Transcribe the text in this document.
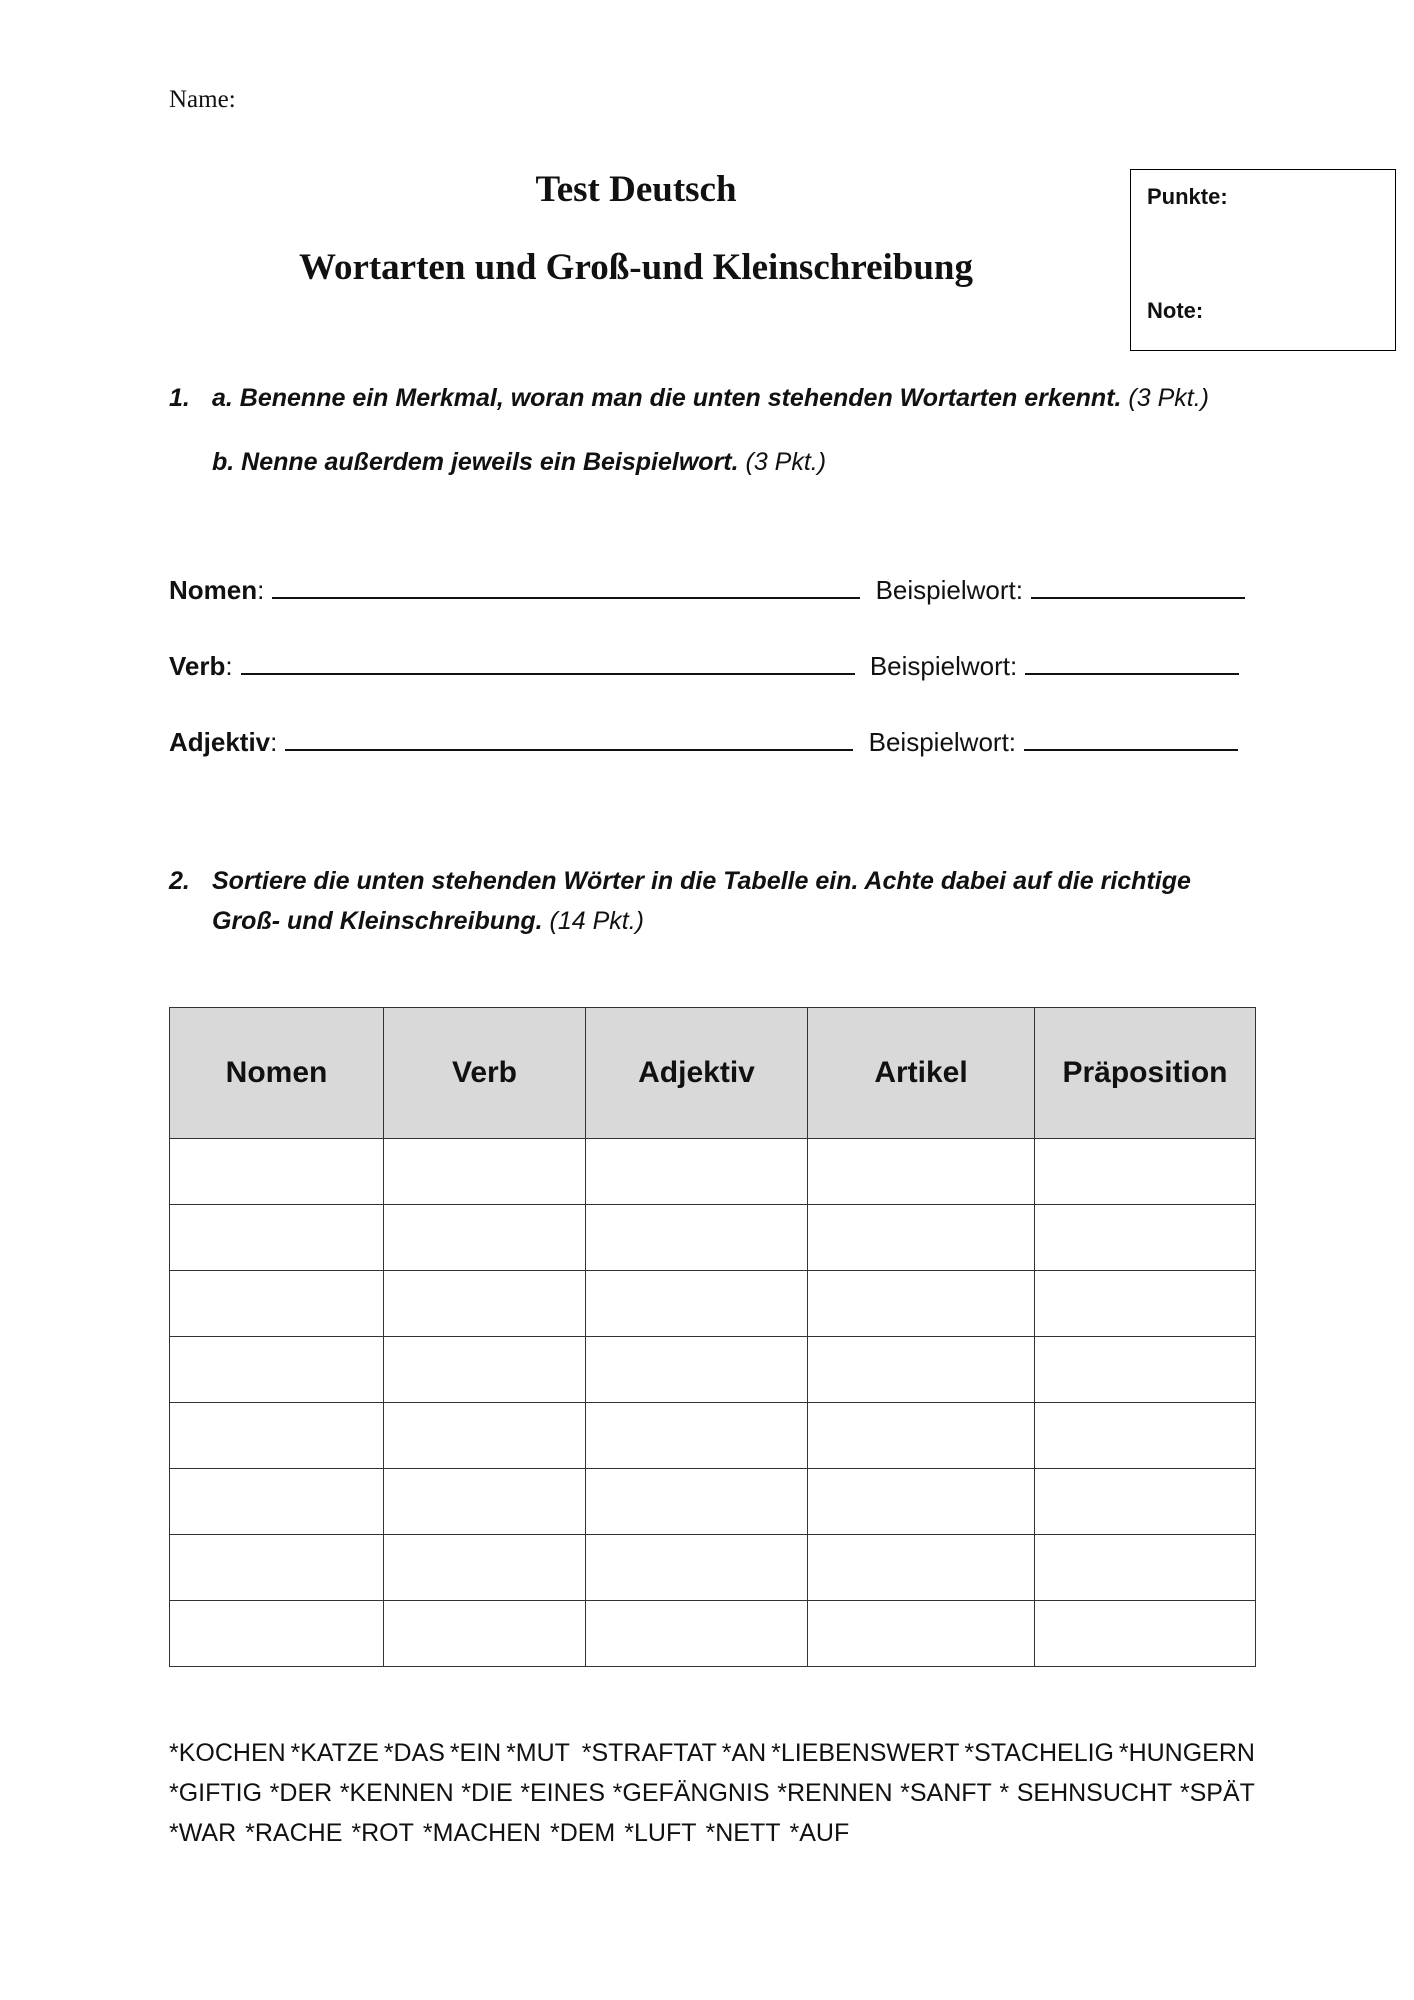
Name:
Test Deutsch
Wortarten und Groß-und Kleinschreibung
Punkte:
Note:
1. a. Benenne ein Merkmal, woran man die unten stehenden Wortarten erkennt. (3 Pkt.)
b. Nenne außerdem jeweils ein Beispielwort. (3 Pkt.)
Nomen:	Beispielwort:
Verb:	Beispielwort:
Adjektiv:	Beispielwort:
2. Sortiere die unten stehenden Wörter in die Tabelle ein. Achte dabei auf die richtige
Groß- und Kleinschreibung. (14 Pkt.)
Nomen	Verb	Adjektiv	Artikel	Präposition

*KOCHEN *KATZE *DAS *EIN *MUT *STRAFTAT *AN *LIEBENSWERT *STACHELIG *HUNGERN
*GIFTIG *DER *KENNEN *DIE *EINES *GEFÄNGNIS *RENNEN *SANFT * SEHNSUCHT *SPÄT
*WAR *RACHE *ROT *MACHEN *DEM *LUFT *NETT *AUF
